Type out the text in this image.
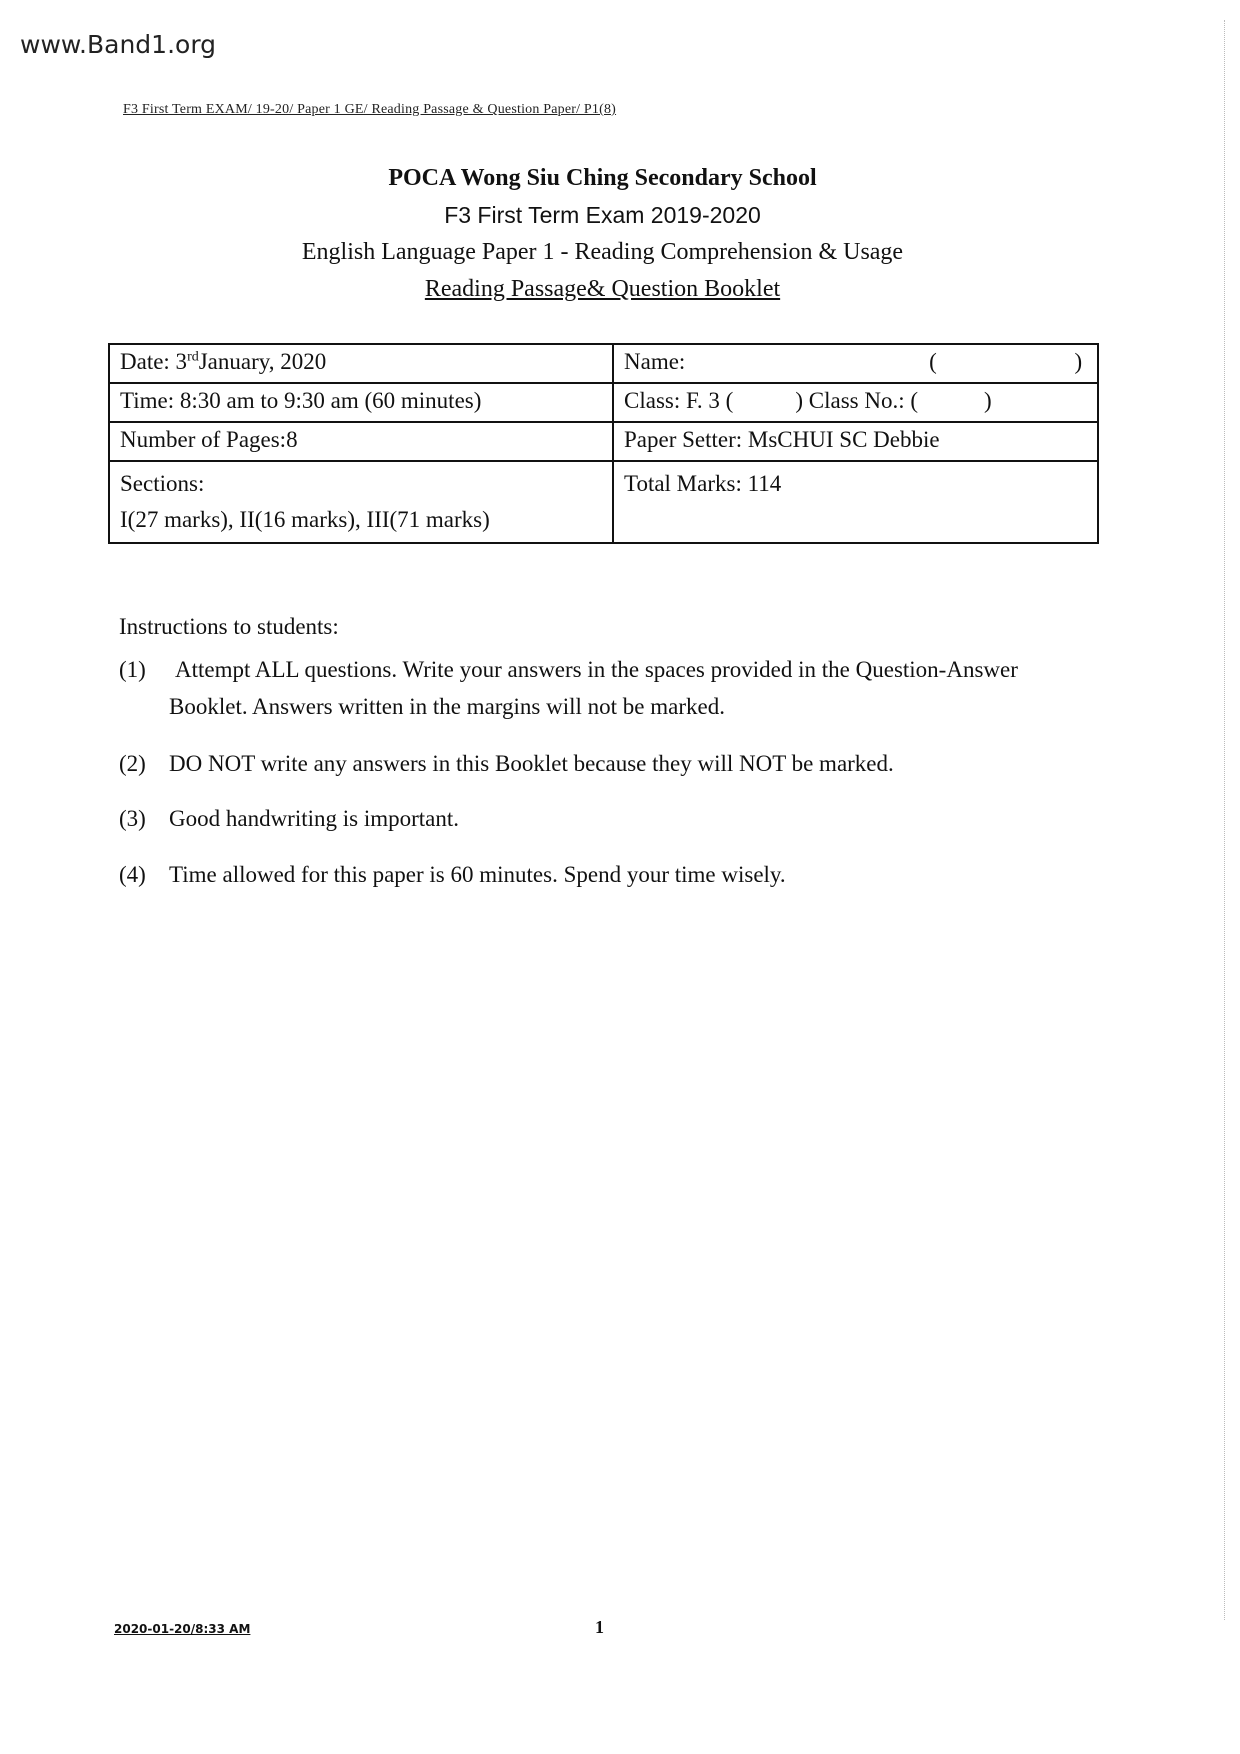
www.Band1.org
F3 First Term EXAM/ 19-20/ Paper 1 GE/ Reading Passage & Question Paper/ P1(8)
POCA Wong Siu Ching Secondary School
F3 First Term Exam 2019-2020
English Language Paper 1 - Reading Comprehension & Usage
Reading Passage& Question Booklet
Date: 3rdJanuary, 2020	Name: ( )
Time: 8:30 am to 9:30 am (60 minutes)	Class: F. 3 ( ) Class No.: ( )
Number of Pages:8	Paper Setter: MsCHUI SC Debbie

Sections:
I(27 marks), II(16 marks), III(71 marks)	Total Marks: 114
Instructions to students:
(1) Attempt ALL questions. Write your answers in the spaces provided in the Question-Answer Booklet. Answers written in the margins will not be marked.
(2) DO NOT write any answers in this Booklet because they will NOT be marked.
(3) Good handwriting is important.
(4) Time allowed for this paper is 60 minutes. Spend your time wisely.
2020-01-20/8:33 AM	1
